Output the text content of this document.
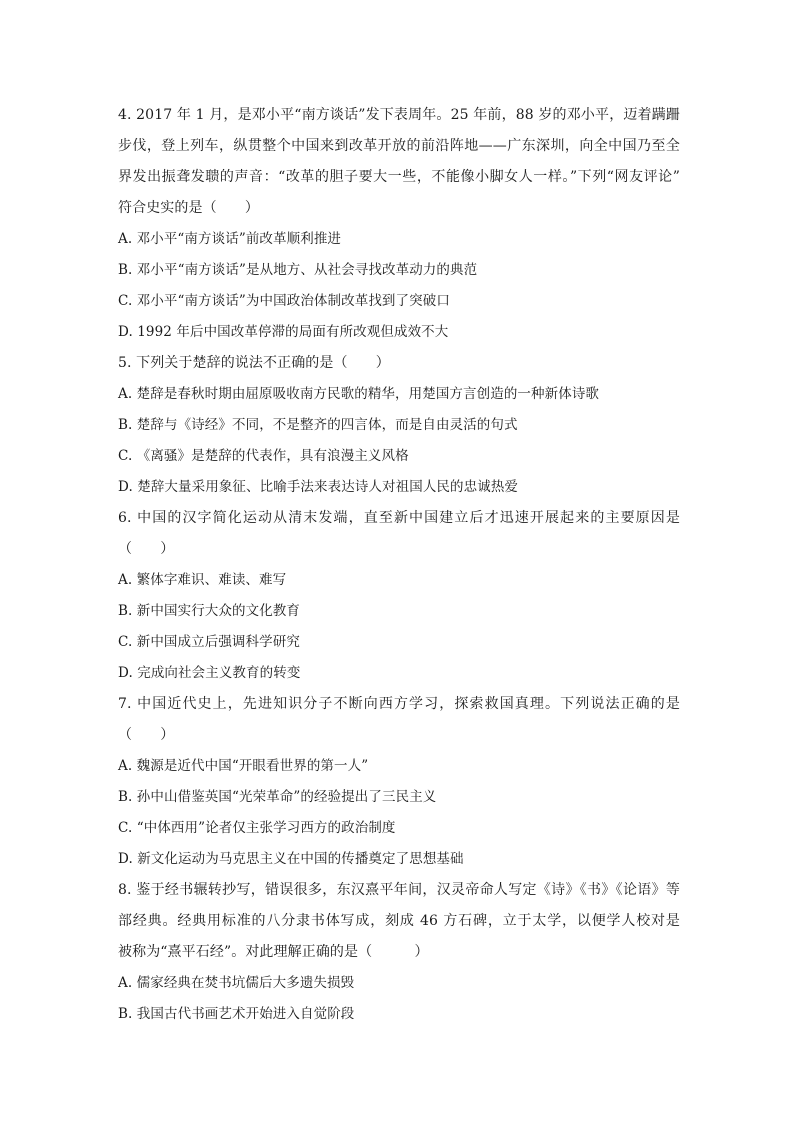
4. 2017 年 1 月，是邓小平“南方谈话”发下表周年。25 年前，88 岁的邓小平，迈着蹒跚
步伐，登上列车，纵贯整个中国来到改革开放的前沿阵地——广东深圳，向全中国乃至全
界发出振聋发聩的声音：“改革的胆子要大一些，不能像小脚女人一样。”下列“网友评论”
符合史实的是（　　）
A. 邓小平“南方谈话”前改革顺利推进
B. 邓小平“南方谈话”是从地方、从社会寻找改革动力的典范
C. 邓小平“南方谈话”为中国政治体制改革找到了突破口
D. 1992 年后中国改革停滞的局面有所改观但成效不大
5. 下列关于楚辞的说法不正确的是（　　）
A. 楚辞是春秋时期由屈原吸收南方民歌的精华，用楚国方言创造的一种新体诗歌
B. 楚辞与《诗经》不同，不是整齐的四言体，而是自由灵活的句式
C. 《离骚》是楚辞的代表作，具有浪漫主义风格
D. 楚辞大量采用象征、比喻手法来表达诗人对祖国人民的忠诚热爱
6. 中国的汉字简化运动从清末发端，直至新中国建立后才迅速开展起来的主要原因是
（　　）
A. 繁体字难识、难读、难写
B. 新中国实行大众的文化教育
C. 新中国成立后强调科学研究
D. 完成向社会主义教育的转变
7. 中国近代史上，先进知识分子不断向西方学习，探索救国真理。下列说法正确的是
（　　）
A. 魏源是近代中国“开眼看世界的第一人”
B. 孙中山借鉴英国“光荣革命”的经验提出了三民主义
C. “中体西用”论者仅主张学习西方的政治制度
D. 新文化运动为马克思主义在中国的传播奠定了思想基础
8. 鉴于经书辗转抄写，错误很多，东汉熹平年间，汉灵帝命人写定《诗》《书》《论语》等
部经典。经典用标准的八分隶书体写成，刻成 46 方石碑，立于太学，以便学人校对是
被称为“熹平石经”。对此理解正确的是（　　　）
A. 儒家经典在焚书坑儒后大多遗失损毁
B. 我国古代书画艺术开始进入自觉阶段
